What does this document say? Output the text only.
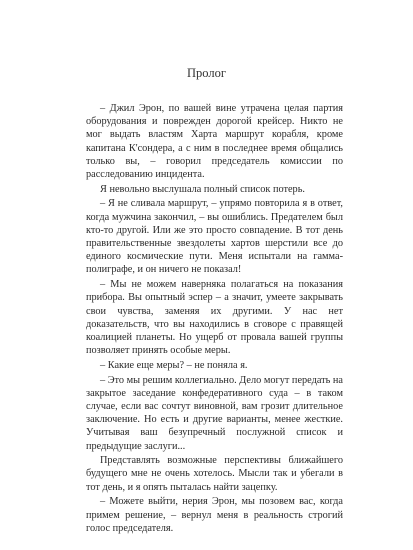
Пролог

– Джил Эрон, по вашей вине утрачена целая партия оборудования и поврежден дорогой крейсер. Никто не мог выдать властям Харта маршрут корабля, кроме капитана К'сондера, а с ним в последнее время общались только вы, – говорил председатель комиссии по расследованию инцидента.

Я невольно выслушала полный список потерь.

– Я не сливала маршрут, – упрямо повторила я в ответ, когда мужчина закончил, – вы ошиблись. Предателем был кто-то другой. Или же это просто совпадение. В тот день правительственные звездолеты хартов шерстили все до единого космические пути. Меня испытали на гамма-полиграфе, и он ничего не показал!

– Мы не можем наверняка полагаться на показания прибора. Вы опытный эспер – а значит, умеете закрывать свои чувства, заменяя их другими. У нас нет доказательств, что вы находились в сговоре с правящей коалицией планеты. Но ущерб от провала вашей группы позволяет принять особые меры.

– Какие еще меры? – не поняла я.

– Это мы решим коллегиально. Дело могут передать на закрытое заседание конфедеративного суда – в таком случае, если вас сочтут виновной, вам грозит длительное заключение. Но есть и другие варианты, менее жесткие. Учитывая ваш безупречный послужной список и предыдущие заслуги...

Представлять возможные перспективы ближайшего будущего мне не очень хотелось. Мысли так и убегали в тот день, и я опять пыталась найти зацепку.

– Можете выйти, нерия Эрон, мы позовем вас, когда примем решение, – вернул меня в реальность строгий голос председателя.
